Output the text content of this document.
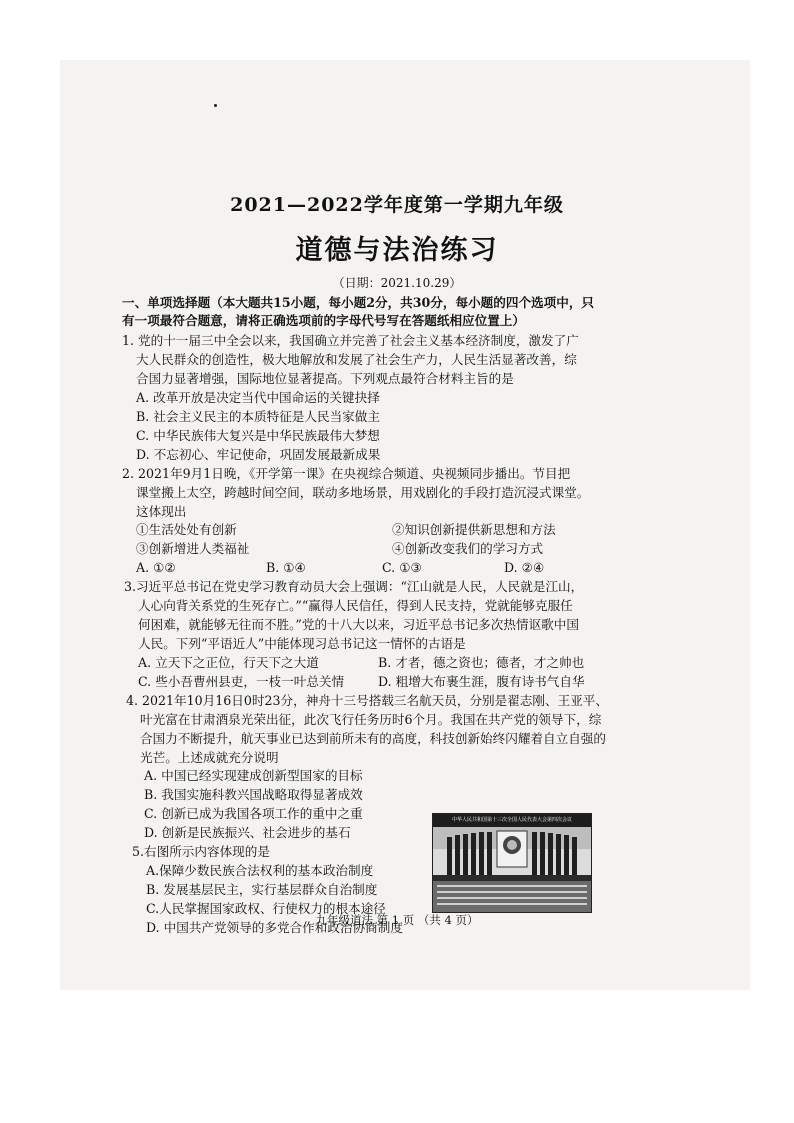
2021—2022学年度第一学期九年级
道德与法治练习
（日期：2021.10.29）
一、单项选择题（本大题共15小题，每小题2分，共30分，每小题的四个选项中，只
有一项最符合题意，请将正确选项前的字母代号写在答题纸相应位置上）
1. 党的十一届三中全会以来，我国确立并完善了社会主义基本经济制度，激发了广
大人民群众的创造性，极大地解放和发展了社会生产力，人民生活显著改善，综
合国力显著增强，国际地位显著提高。下列观点最符合材料主旨的是
A. 改革开放是决定当代中国命运的关键抉择
B. 社会主义民主的本质特征是人民当家做主
C. 中华民族伟大复兴是中华民族最伟大梦想
D. 不忘初心、牢记使命，巩固发展最新成果
2. 2021年9月1日晚，《开学第一课》在央视综合频道、央视频同步播出。节目把
课堂搬上太空，跨越时间空间，联动多地场景，用戏剧化的手段打造沉浸式课堂。
这体现出
①生活处处有创新	②知识创新提供新思想和方法
③创新增进人类福祉	④创新改变我们的学习方式
A. ①②	B. ①④	C. ①③	D. ②④
3.习近平总书记在党史学习教育动员大会上强调：“江山就是人民，人民就是江山，
人心向背关系党的生死存亡。”“赢得人民信任，得到人民支持，党就能够克服任
何困难，就能够无往而不胜。”党的十八大以来，习近平总书记多次热情讴歌中国
人民。下列“平语近人”中能体现习总书记这一情怀的古语是
A. 立天下之正位，行天下之大道	B. 才者，德之资也；德者，才之帅也
C. 些小吾曹州县吏，一枝一叶总关情	D. 粗增大布裹生涯，腹有诗书气自华
4. 2021年10月16日0时23分，神舟十三号搭载三名航天员，分别是翟志刚、王亚平、
叶光富在甘肃酒泉光荣出征，此次飞行任务历时6个月。我国在共产党的领导下，综
合国力不断提升，航天事业已达到前所未有的高度，科技创新始终闪耀着自立自强的
光芒。上述成就充分说明
A. 中国已经实现建成创新型国家的目标
B. 我国实施科教兴国战略取得显著成效
C. 创新已成为我国各项工作的重中之重
D. 创新是民族振兴、社会进步的基石
5.右图所示内容体现的是
A.保障少数民族合法权利的基本政治制度
B. 发展基层民主，实行基层群众自治制度
C.人民掌握国家政权、行使权力的根本途径
D. 中国共产党领导的多党合作和政治协商制度
中华人民共和国第十三次全国人民代表大会第四次会议
九年级道法 第 1 页 （共 4 页）
